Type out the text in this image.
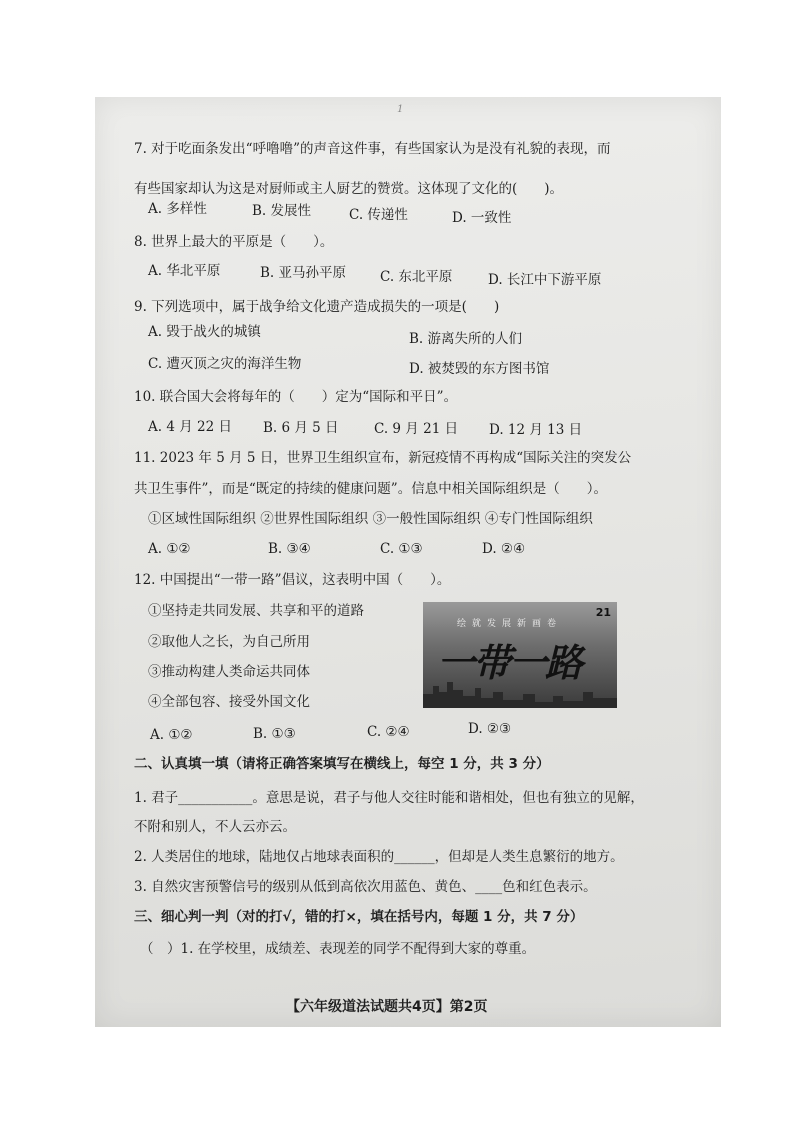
1
7. 对于吃面条发出“呼噜噜”的声音这件事，有些国家认为是没有礼貌的表现，而
有些国家却认为这是对厨师或主人厨艺的赞赏。这体现了文化的(　　)。
A. 多样性	B. 发展性	C. 传递性	D. 一致性
8. 世界上最大的平原是（　　）。
A. 华北平原	B. 亚马孙平原	C. 东北平原	D. 长江中下游平原
9. 下列选项中，属于战争给文化遗产造成损失的一项是(　　)
A. 毁于战火的城镇	B. 游离失所的人们
C. 遭灭顶之灾的海洋生物	D. 被焚毁的东方图书馆
10. 联合国大会将每年的（　　）定为“国际和平日”。
A. 4 月 22 日 B. 6 月 5 日	C. 9 月 21 日 D. 12 月 13 日
11. 2023 年 5 月 5 日，世界卫生组织宣布，新冠疫情不再构成“国际关注的突发公
共卫生事件”，而是“既定的持续的健康问题”。信息中相关国际组织是（　　）。
①区域性国际组织 ②世界性国际组织 ③一般性国际组织 ④专门性国际组织
A. ①②	B. ③④	C. ①③	D. ②④
12. 中国提出“一带一路”倡议，这表明中国（　　）。
①坚持走共同发展、共享和平的道路
②取他人之长，为自己所用
③推动构建人类命运共同体
④全部包容、接受外国文化
A. ①②	B. ①③	C. ②④	D. ②③
绘就发展新画卷
一带一路
21
二、认真填一填（请将正确答案填写在横线上，每空 1 分，共 3 分）
1. 君子___________。意思是说，君子与他人交往时能和谐相处，但也有独立的见解，
不附和别人，不人云亦云。
2. 人类居住的地球，陆地仅占地球表面积的______，但却是人类生息繁衍的地方。
3. 自然灾害预警信号的级别从低到高依次用蓝色、黄色、____色和红色表示。
三、细心判一判（对的打√，错的打×，填在括号内，每题 1 分，共 7 分）
（　）1. 在学校里，成绩差、表现差的同学不配得到大家的尊重。
【六年级道法试题共4页】第2页
